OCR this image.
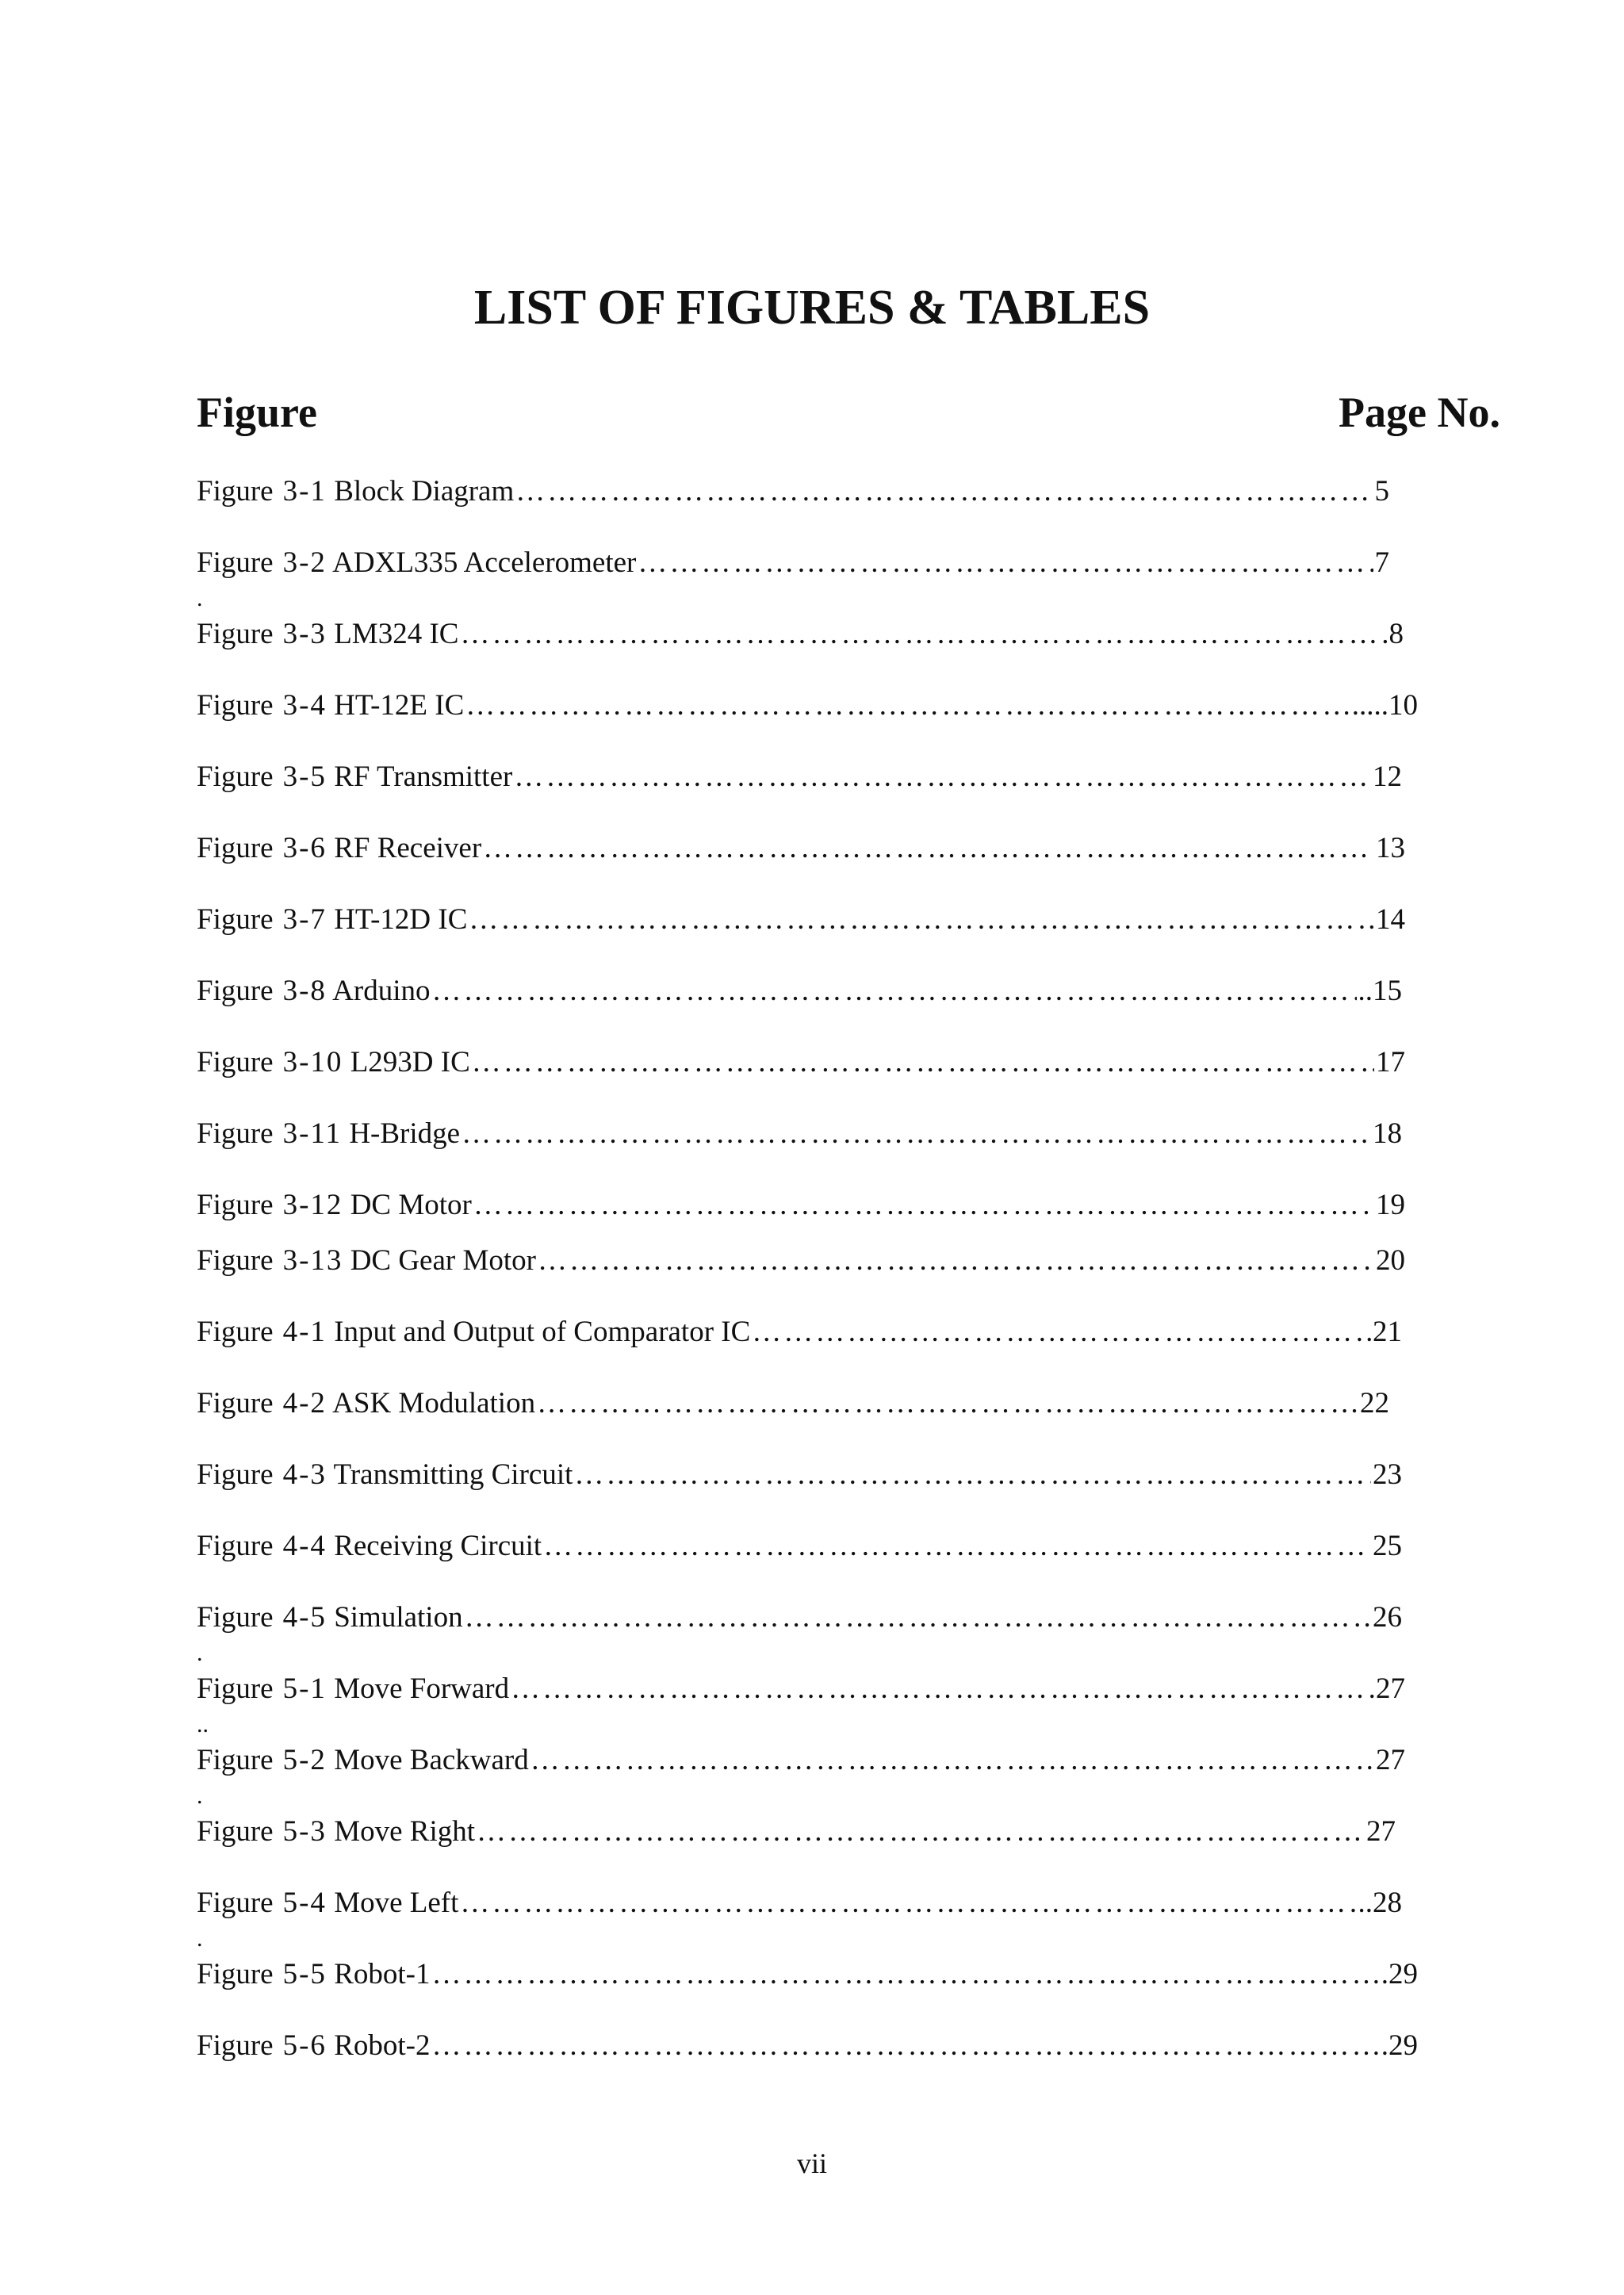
LIST OF FIGURES & TABLES
Figure	Page No.
Figure 3-1 Block Diagram …………………………………………………………………………………………………………………………………………………………………………………………………	5
Figure 3-2 ADXL335 Accelerometer …………………………………………………………………………………………………………………………………………………………………………………………………	7
.
Figure 3-3 LM324 IC …………………………………………………………………………………………………………………………………………………………………………………………………	.8
Figure 3-4 HT-12E IC …………………………………………………………………………………………………………………………………………………………………………………………………	.....10
Figure 3-5 RF Transmitter …………………………………………………………………………………………………………………………………………………………………………………………………	12
Figure 3-6 RF Receiver …………………………………………………………………………………………………………………………………………………………………………………………………	13
Figure 3-7 HT-12D IC …………………………………………………………………………………………………………………………………………………………………………………………………	14
Figure 3-8 Arduino …………………………………………………………………………………………………………………………………………………………………………………………………	..15
Figure 3-10 L293D IC …………………………………………………………………………………………………………………………………………………………………………………………………	17
Figure 3-11 H-Bridge …………………………………………………………………………………………………………………………………………………………………………………………………	18
Figure 3-12 DC Motor …………………………………………………………………………………………………………………………………………………………………………………………………	19
Figure 3-13 DC Gear Motor …………………………………………………………………………………………………………………………………………………………………………………………………	20
Figure 4-1 Input and Output of Comparator IC …………………………………………………………………………………………………………………………………………………………………………………………………	21
Figure 4-2 ASK Modulation …………………………………………………………………………………………………………………………………………………………………………………………………	22
Figure 4-3 Transmitting Circuit …………………………………………………………………………………………………………………………………………………………………………………………………	23
Figure 4-4 Receiving Circuit …………………………………………………………………………………………………………………………………………………………………………………………………	25
Figure 4-5 Simulation …………………………………………………………………………………………………………………………………………………………………………………………………	26
.
Figure 5-1 Move Forward …………………………………………………………………………………………………………………………………………………………………………………………………	27
..
Figure 5-2 Move Backward …………………………………………………………………………………………………………………………………………………………………………………………………	27
.
Figure 5-3 Move Right …………………………………………………………………………………………………………………………………………………………………………………………………	27
Figure 5-4 Move Left …………………………………………………………………………………………………………………………………………………………………………………………………	..28
.
Figure 5-5 Robot-1 …………………………………………………………………………………………………………………………………………………………………………………………………	.29
Figure 5-6 Robot-2 …………………………………………………………………………………………………………………………………………………………………………………………………	.29
vii
